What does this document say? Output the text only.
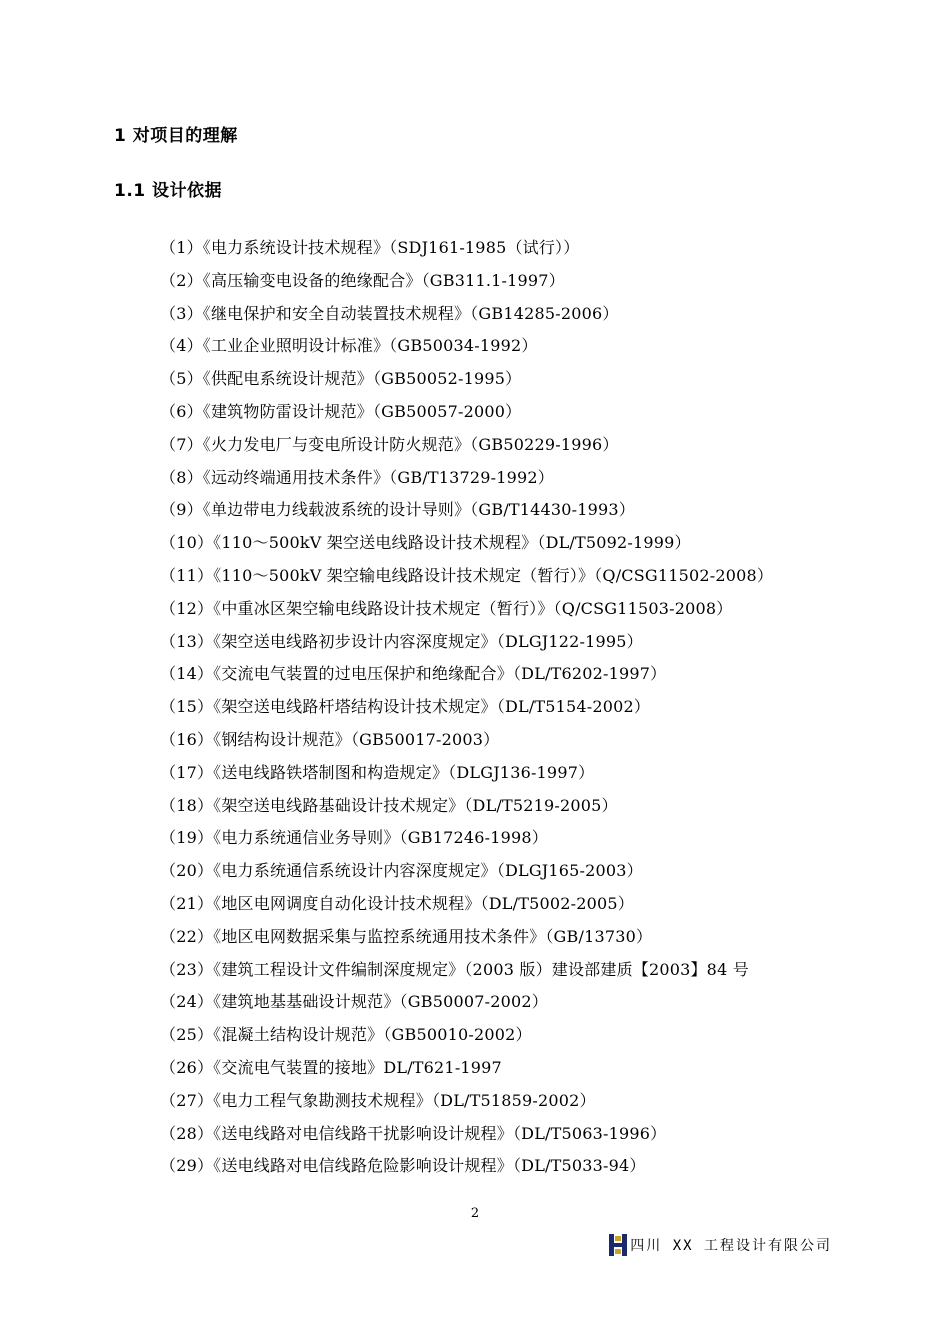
1 对项目的理解
1.1 设计依据
（1）《电力系统设计技术规程》（SDJ161-1985（试行））
（2）《高压输变电设备的绝缘配合》（GB311.1-1997）
（3）《继电保护和安全自动装置技术规程》（GB14285-2006）
（4）《工业企业照明设计标准》（GB50034-1992）
（5）《供配电系统设计规范》（GB50052-1995）
（6）《建筑物防雷设计规范》（GB50057-2000）
（7）《火力发电厂与变电所设计防火规范》（GB50229-1996）
（8）《远动终端通用技术条件》（GB/T13729-1992）
（9）《单边带电力线载波系统的设计导则》（GB/T14430-1993）
（10）《110～500kV 架空送电线路设计技术规程》（DL/T5092-1999）
（11）《110～500kV 架空输电线路设计技术规定（暂行）》（Q/CSG11502-2008）
（12）《中重冰区架空输电线路设计技术规定（暂行）》（Q/CSG11503-2008）
（13）《架空送电线路初步设计内容深度规定》（DLGJ122-1995）
（14）《交流电气装置的过电压保护和绝缘配合》（DL/T6202-1997）
（15）《架空送电线路杆塔结构设计技术规定》（DL/T5154-2002）
（16）《钢结构设计规范》（GB50017-2003）
（17）《送电线路铁塔制图和构造规定》（DLGJ136-1997）
（18）《架空送电线路基础设计技术规定》（DL/T5219-2005）
（19）《电力系统通信业务导则》（GB17246-1998）
（20）《电力系统通信系统设计内容深度规定》（DLGJ165-2003）
（21）《地区电网调度自动化设计技术规程》（DL/T5002-2005）
（22）《地区电网数据采集与监控系统通用技术条件》（GB/13730）
（23）《建筑工程设计文件编制深度规定》（2003 版）建设部建质【2003】84 号
（24）《建筑地基基础设计规范》（GB50007-2002）
（25）《混凝土结构设计规范》（GB50010-2002）
（26）《交流电气装置的接地》DL/T621-1997
（27）《电力工程气象勘测技术规程》（DL/T51859-2002）
（28）《送电线路对电信线路干扰影响设计规程》（DL/T5063-1996）
（29）《送电线路对电信线路危险影响设计规程》（DL/T5033-94）
2
四川 XX 工程设计有限公司
